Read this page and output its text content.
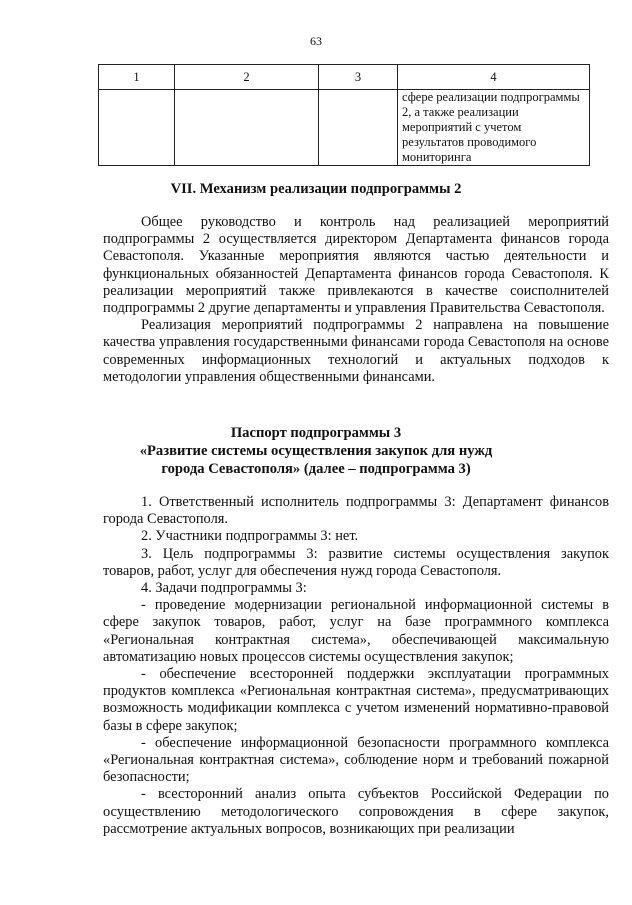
63
1	2	3	4
			сфере реализации подпрограммы 2, а также реализации мероприятий с учетом результатов проводимого мониторинга
VII. Механизм реализации подпрограммы 2

Общее руководство и контроль над реализацией мероприятий подпрограммы 2 осуществляется директором Департамента финансов города Севастополя. Указанные мероприятия являются частью деятельности и функциональных обязанностей Департамента финансов города Севастополя. К реализации мероприятий также привлекаются в качестве соисполнителей подпрограммы 2 другие департаменты и управления Правительства Севастополя.

Реализация мероприятий подпрограммы 2 направлена на повышение качества управления государственными финансами города Севастополя на основе современных информационных технологий и актуальных подходов к методологии управления общественными финансами.

Паспорт подпрограммы 3
«Развитие системы осуществления закупок для нужд
города Севастополя» (далее – подпрограмма 3)

1. Ответственный исполнитель подпрограммы 3: Департамент финансов города Севастополя.

2. Участники подпрограммы 3: нет.

3. Цель подпрограммы 3: развитие системы осуществления закупок товаров, работ, услуг для обеспечения нужд города Севастополя.

4. Задачи подпрограммы 3:

- проведение модернизации региональной информационной системы в сфере закупок товаров, работ, услуг на базе программного комплекса «Региональная контрактная система», обеспечивающей максимальную автоматизацию новых процессов системы осуществления закупок;

- обеспечение всесторонней поддержки эксплуатации программных продуктов комплекса «Региональная контрактная система», предусматривающих возможность модификации комплекса с учетом изменений нормативно-правовой базы в сфере закупок;

- обеспечение информационной безопасности программного комплекса «Региональная контрактная система», соблюдение норм и требований пожарной безопасности;

- всесторонний анализ опыта субъектов Российской Федерации по осуществлению методологического сопровождения в сфере закупок, рассмотрение актуальных вопросов, возникающих при реализации
